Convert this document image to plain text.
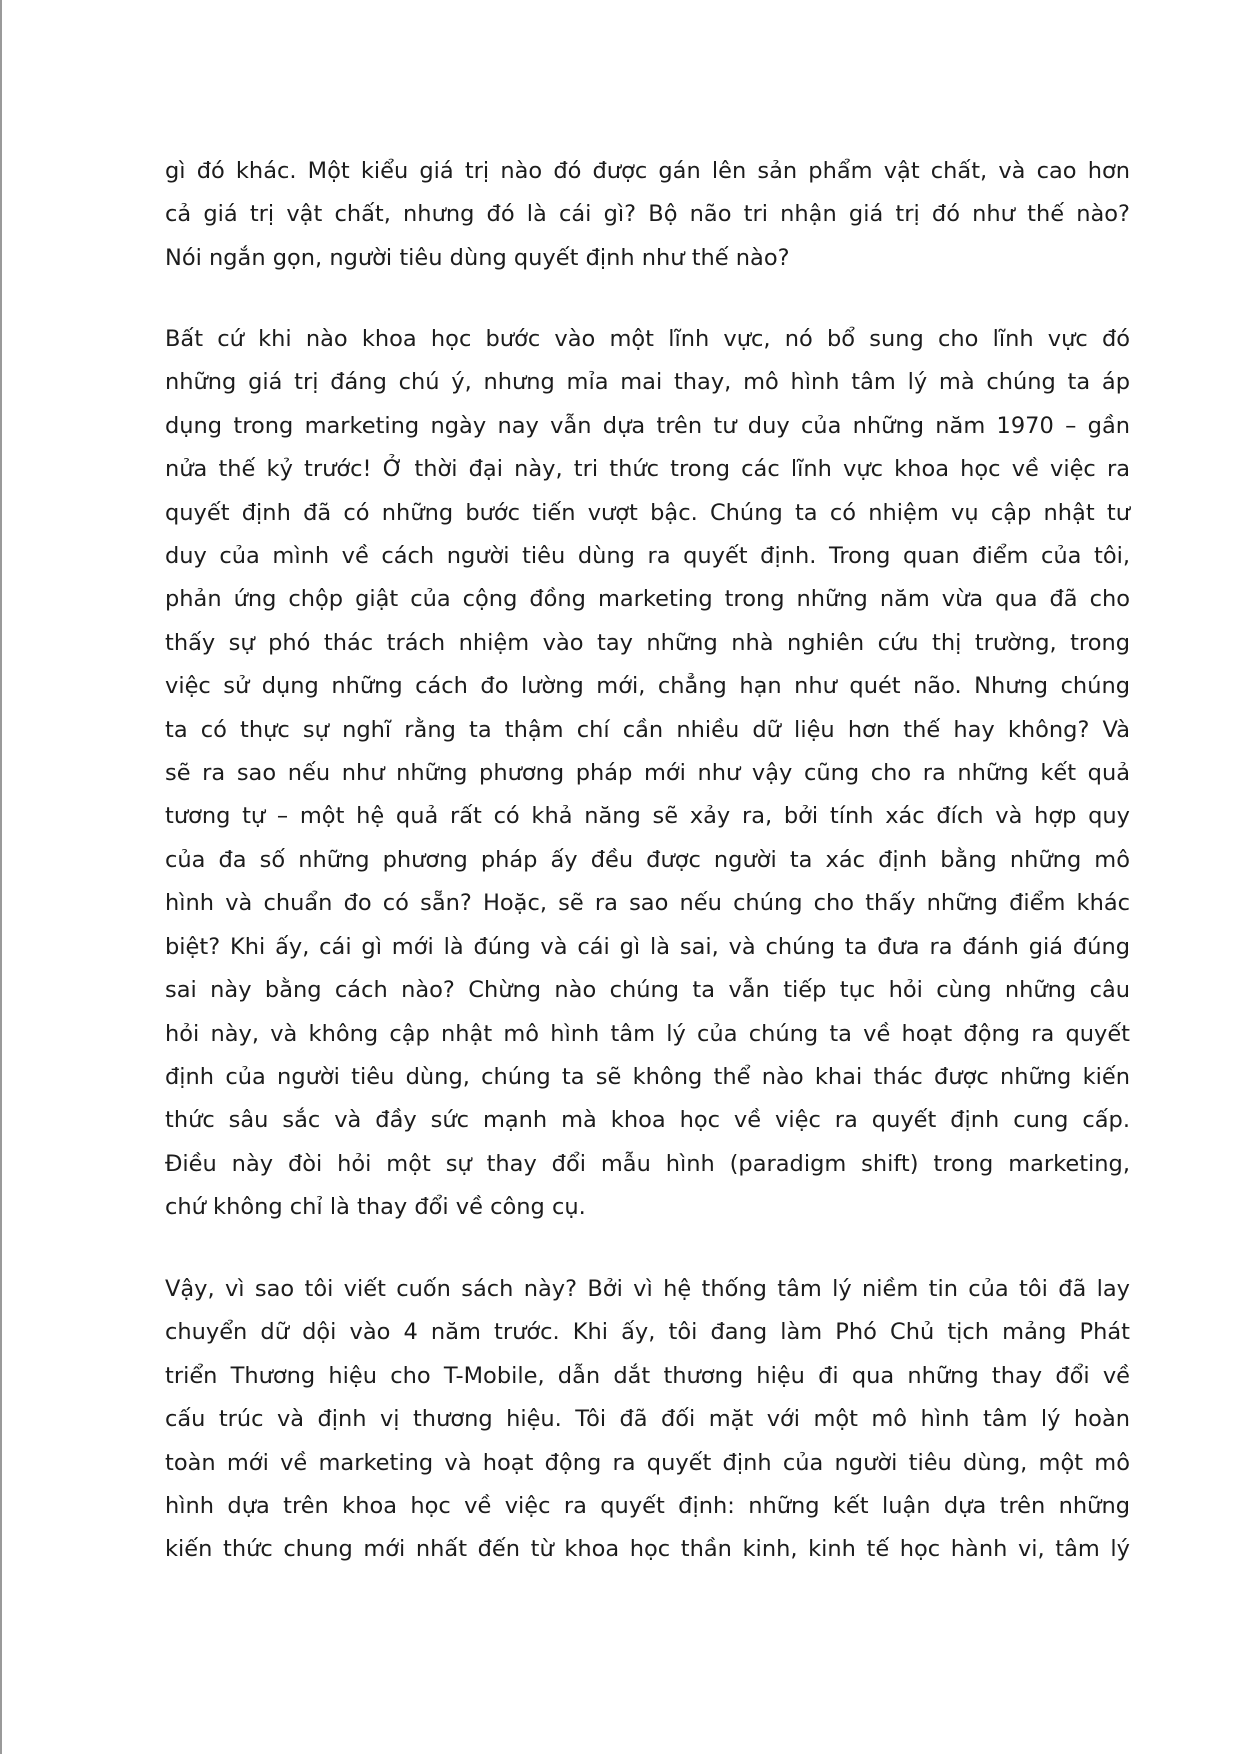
gì đó khác. Một kiểu giá trị nào đó được gán lên sản phẩm vật chất, và cao hơn
cả giá trị vật chất, nhưng đó là cái gì? Bộ não tri nhận giá trị đó như thế nào?
Nói ngắn gọn, người tiêu dùng quyết định như thế nào?

Bất cứ khi nào khoa học bước vào một lĩnh vực, nó bổ sung cho lĩnh vực đó
những giá trị đáng chú ý, nhưng mỉa mai thay, mô hình tâm lý mà chúng ta áp
dụng trong marketing ngày nay vẫn dựa trên tư duy của những năm 1970 – gần
nửa thế kỷ trước! Ở thời đại này, tri thức trong các lĩnh vực khoa học về việc ra
quyết định đã có những bước tiến vượt bậc. Chúng ta có nhiệm vụ cập nhật tư
duy của mình về cách người tiêu dùng ra quyết định. Trong quan điểm của tôi,
phản ứng chộp giật của cộng đồng marketing trong những năm vừa qua đã cho
thấy sự phó thác trách nhiệm vào tay những nhà nghiên cứu thị trường, trong
việc sử dụng những cách đo lường mới, chẳng hạn như quét não. Nhưng chúng
ta có thực sự nghĩ rằng ta thậm chí cần nhiều dữ liệu hơn thế hay không? Và
sẽ ra sao nếu như những phương pháp mới như vậy cũng cho ra những kết quả
tương tự – một hệ quả rất có khả năng sẽ xảy ra, bởi tính xác đích và hợp quy
của đa số những phương pháp ấy đều được người ta xác định bằng những mô
hình và chuẩn đo có sẵn? Hoặc, sẽ ra sao nếu chúng cho thấy những điểm khác
biệt? Khi ấy, cái gì mới là đúng và cái gì là sai, và chúng ta đưa ra đánh giá đúng
sai này bằng cách nào? Chừng nào chúng ta vẫn tiếp tục hỏi cùng những câu
hỏi này, và không cập nhật mô hình tâm lý của chúng ta về hoạt động ra quyết
định của người tiêu dùng, chúng ta sẽ không thể nào khai thác được những kiến
thức sâu sắc và đầy sức mạnh mà khoa học về việc ra quyết định cung cấp.
Điều này đòi hỏi một sự thay đổi mẫu hình (paradigm shift) trong marketing,
chứ không chỉ là thay đổi về công cụ.

Vậy, vì sao tôi viết cuốn sách này? Bởi vì hệ thống tâm lý niềm tin của tôi đã lay
chuyển dữ dội vào 4 năm trước. Khi ấy, tôi đang làm Phó Chủ tịch mảng Phát
triển Thương hiệu cho T-Mobile, dẫn dắt thương hiệu đi qua những thay đổi về
cấu trúc và định vị thương hiệu. Tôi đã đối mặt với một mô hình tâm lý hoàn
toàn mới về marketing và hoạt động ra quyết định của người tiêu dùng, một mô
hình dựa trên khoa học về việc ra quyết định: những kết luận dựa trên những
kiến thức chung mới nhất đến từ khoa học thần kinh, kinh tế học hành vi, tâm lý
